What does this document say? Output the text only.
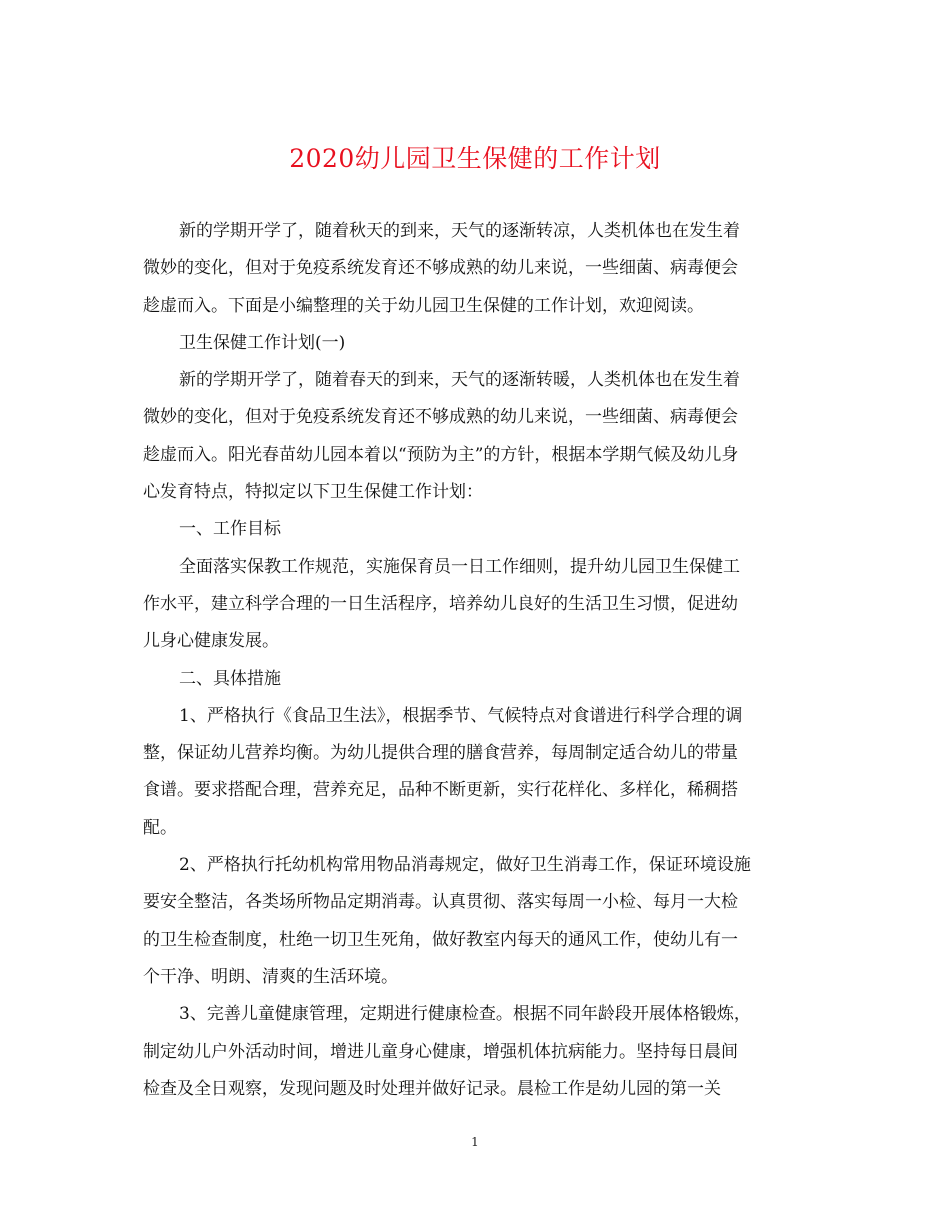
2020幼儿园卫生保健的工作计划

新的学期开学了，随着秋天的到来，天气的逐渐转凉，人类机体也在发生着
微妙的变化，但对于免疫系统发育还不够成熟的幼儿来说，一些细菌、病毒便会
趁虚而入。下面是小编整理的关于幼儿园卫生保健的工作计划，欢迎阅读。

卫生保健工作计划(一)

新的学期开学了，随着春天的到来，天气的逐渐转暖，人类机体也在发生着
微妙的变化，但对于免疫系统发育还不够成熟的幼儿来说，一些细菌、病毒便会
趁虚而入。阳光春苗幼儿园本着以“预防为主”的方针，根据本学期气候及幼儿身
心发育特点，特拟定以下卫生保健工作计划：

一、工作目标

全面落实保教工作规范，实施保育员一日工作细则，提升幼儿园卫生保健工
作水平，建立科学合理的一日生活程序，培养幼儿良好的生活卫生习惯，促进幼
儿身心健康发展。

二、具体措施

1、严格执行《食品卫生法》，根据季节、气候特点对食谱进行科学合理的调
整，保证幼儿营养均衡。为幼儿提供合理的膳食营养，每周制定适合幼儿的带量
食谱。要求搭配合理，营养充足，品种不断更新，实行花样化、多样化，稀稠搭
配。

2、严格执行托幼机构常用物品消毒规定，做好卫生消毒工作，保证环境设施
要安全整洁，各类场所物品定期消毒。认真贯彻、落实每周一小检、每月一大检
的卫生检查制度，杜绝一切卫生死角，做好教室内每天的通风工作，使幼儿有一
个干净、明朗、清爽的生活环境。

3、完善儿童健康管理，定期进行健康检查。根据不同年龄段开展体格锻炼，
制定幼儿户外活动时间，增进儿童身心健康，增强机体抗病能力。坚持每日晨间
检查及全日观察，发现问题及时处理并做好记录。晨检工作是幼儿园的第一关

1
